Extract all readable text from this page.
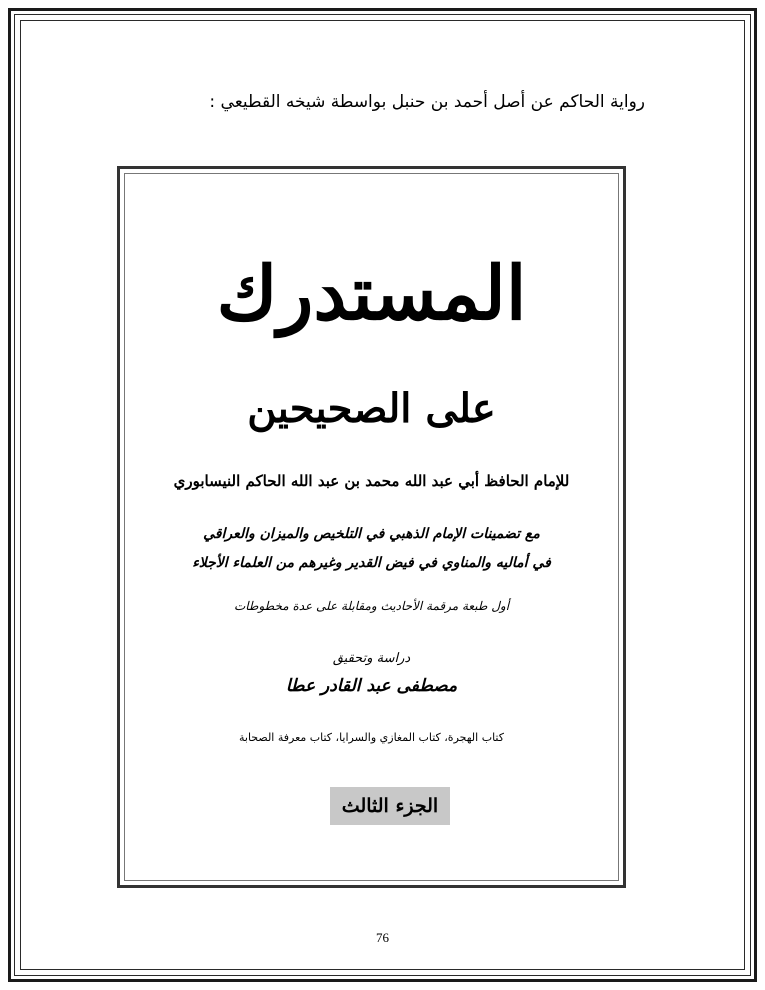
رواية الحاكم عن أصل أحمد بن حنبل بواسطة شيخه القطيعي :
المستدرك
على الصحيحين
للإمام الحافظ أبي عبد الله محمد بن عبد الله الحاكم النيسابوري
مع تضمينات الإمام الذهبي في التلخيص والميزان والعراقي
في أماليه والمناوي في فيض القدير وغيرهم من العلماء الأجلاء
أول طبعة مرقمة الأحاديث ومقابلة على عدة مخطوطات
دراسة وتحقيق
مصطفى عبد القادر عطا
كتاب الهجرة، كتاب المغازي والسرايا، كتاب معرفة الصحابة
الجزء الثالث
76
